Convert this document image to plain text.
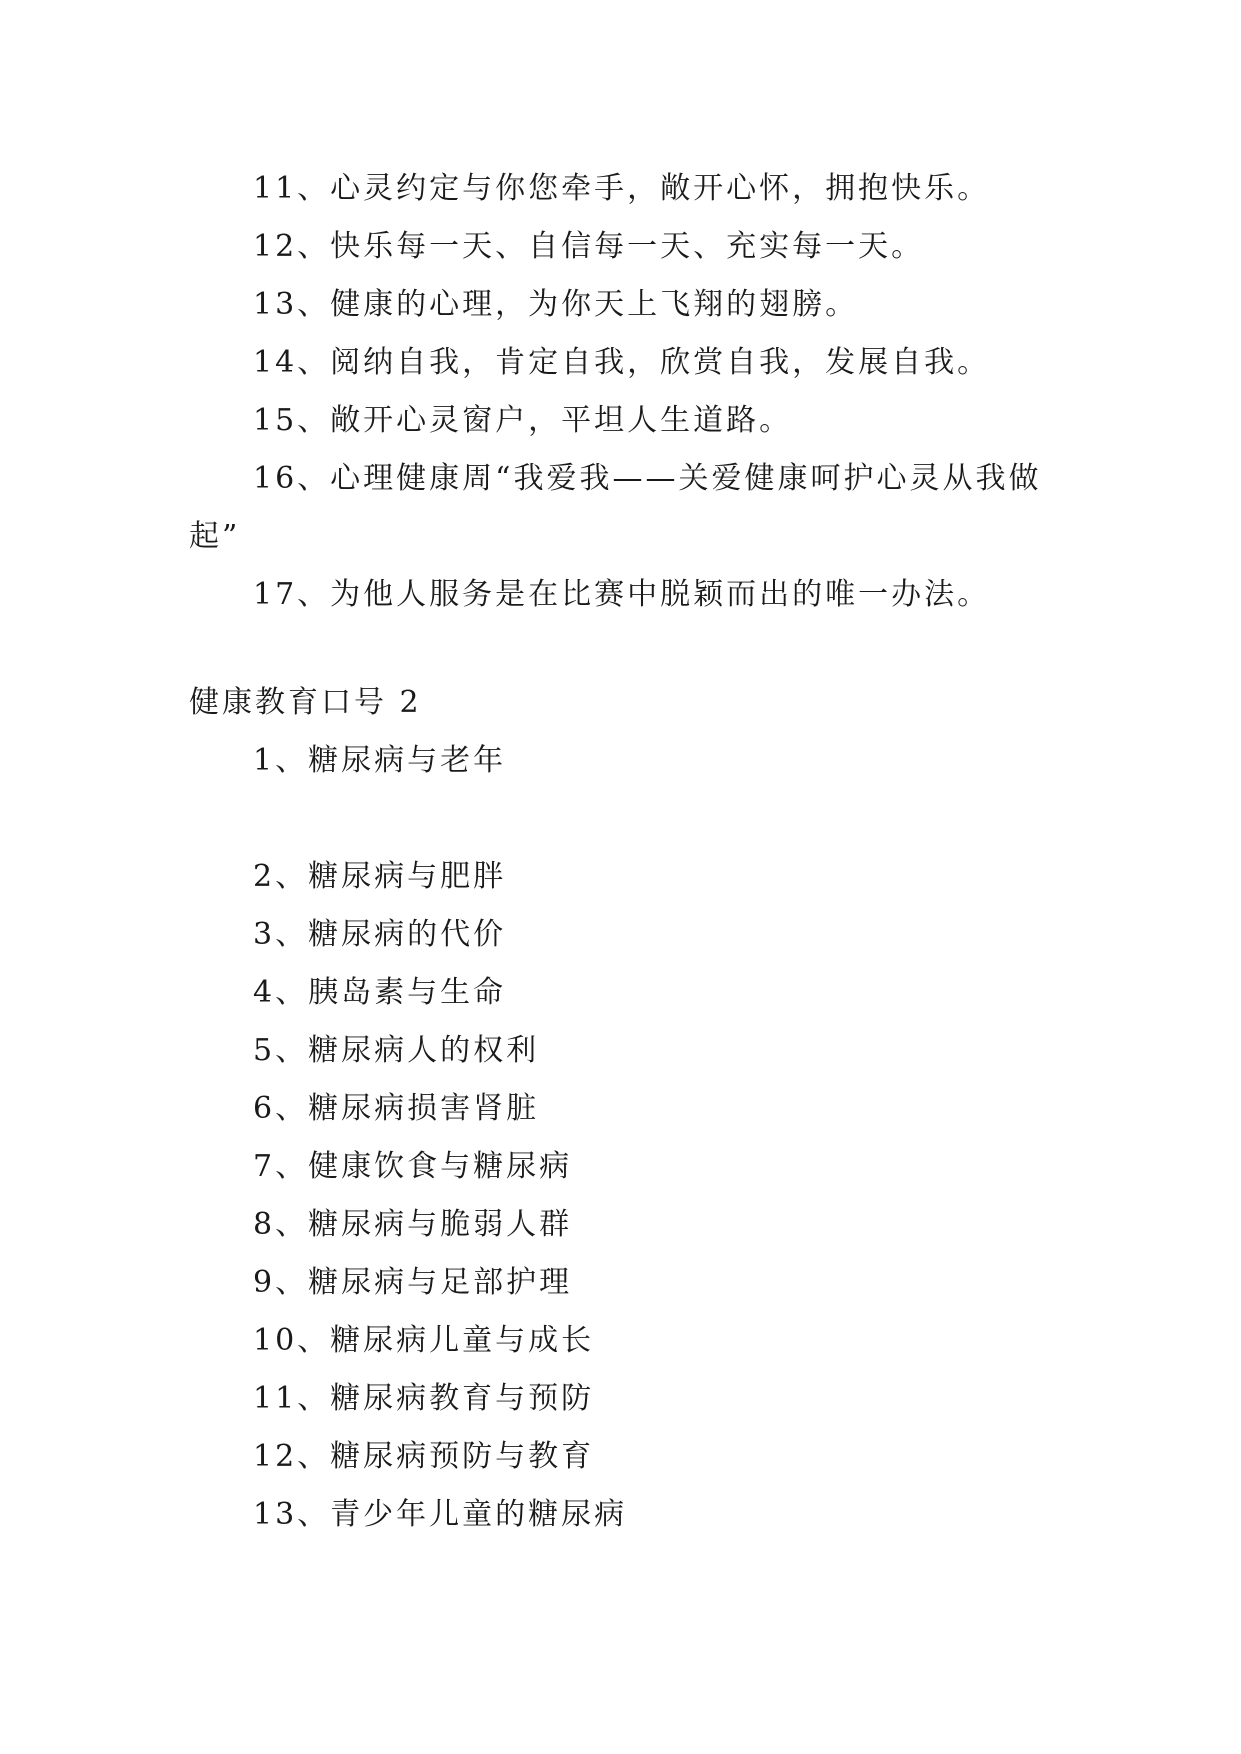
11、心灵约定与你您牵手，敞开心怀，拥抱快乐。
12、快乐每一天、自信每一天、充实每一天。
13、健康的心理，为你天上飞翔的翅膀。
14、阅纳自我，肯定自我，欣赏自我，发展自我。
15、敞开心灵窗户，平坦人生道路。
16、心理健康周“我爱我——关爱健康呵护心灵从我做起”
17、为他人服务是在比赛中脱颖而出的唯一办法。
健康教育口号 2
1、糖尿病与老年
2、糖尿病与肥胖
3、糖尿病的代价
4、胰岛素与生命
5、糖尿病人的权利
6、糖尿病损害肾脏
7、健康饮食与糖尿病
8、糖尿病与脆弱人群
9、糖尿病与足部护理
10、糖尿病儿童与成长
11、糖尿病教育与预防
12、糖尿病预防与教育
13、青少年儿童的糖尿病
